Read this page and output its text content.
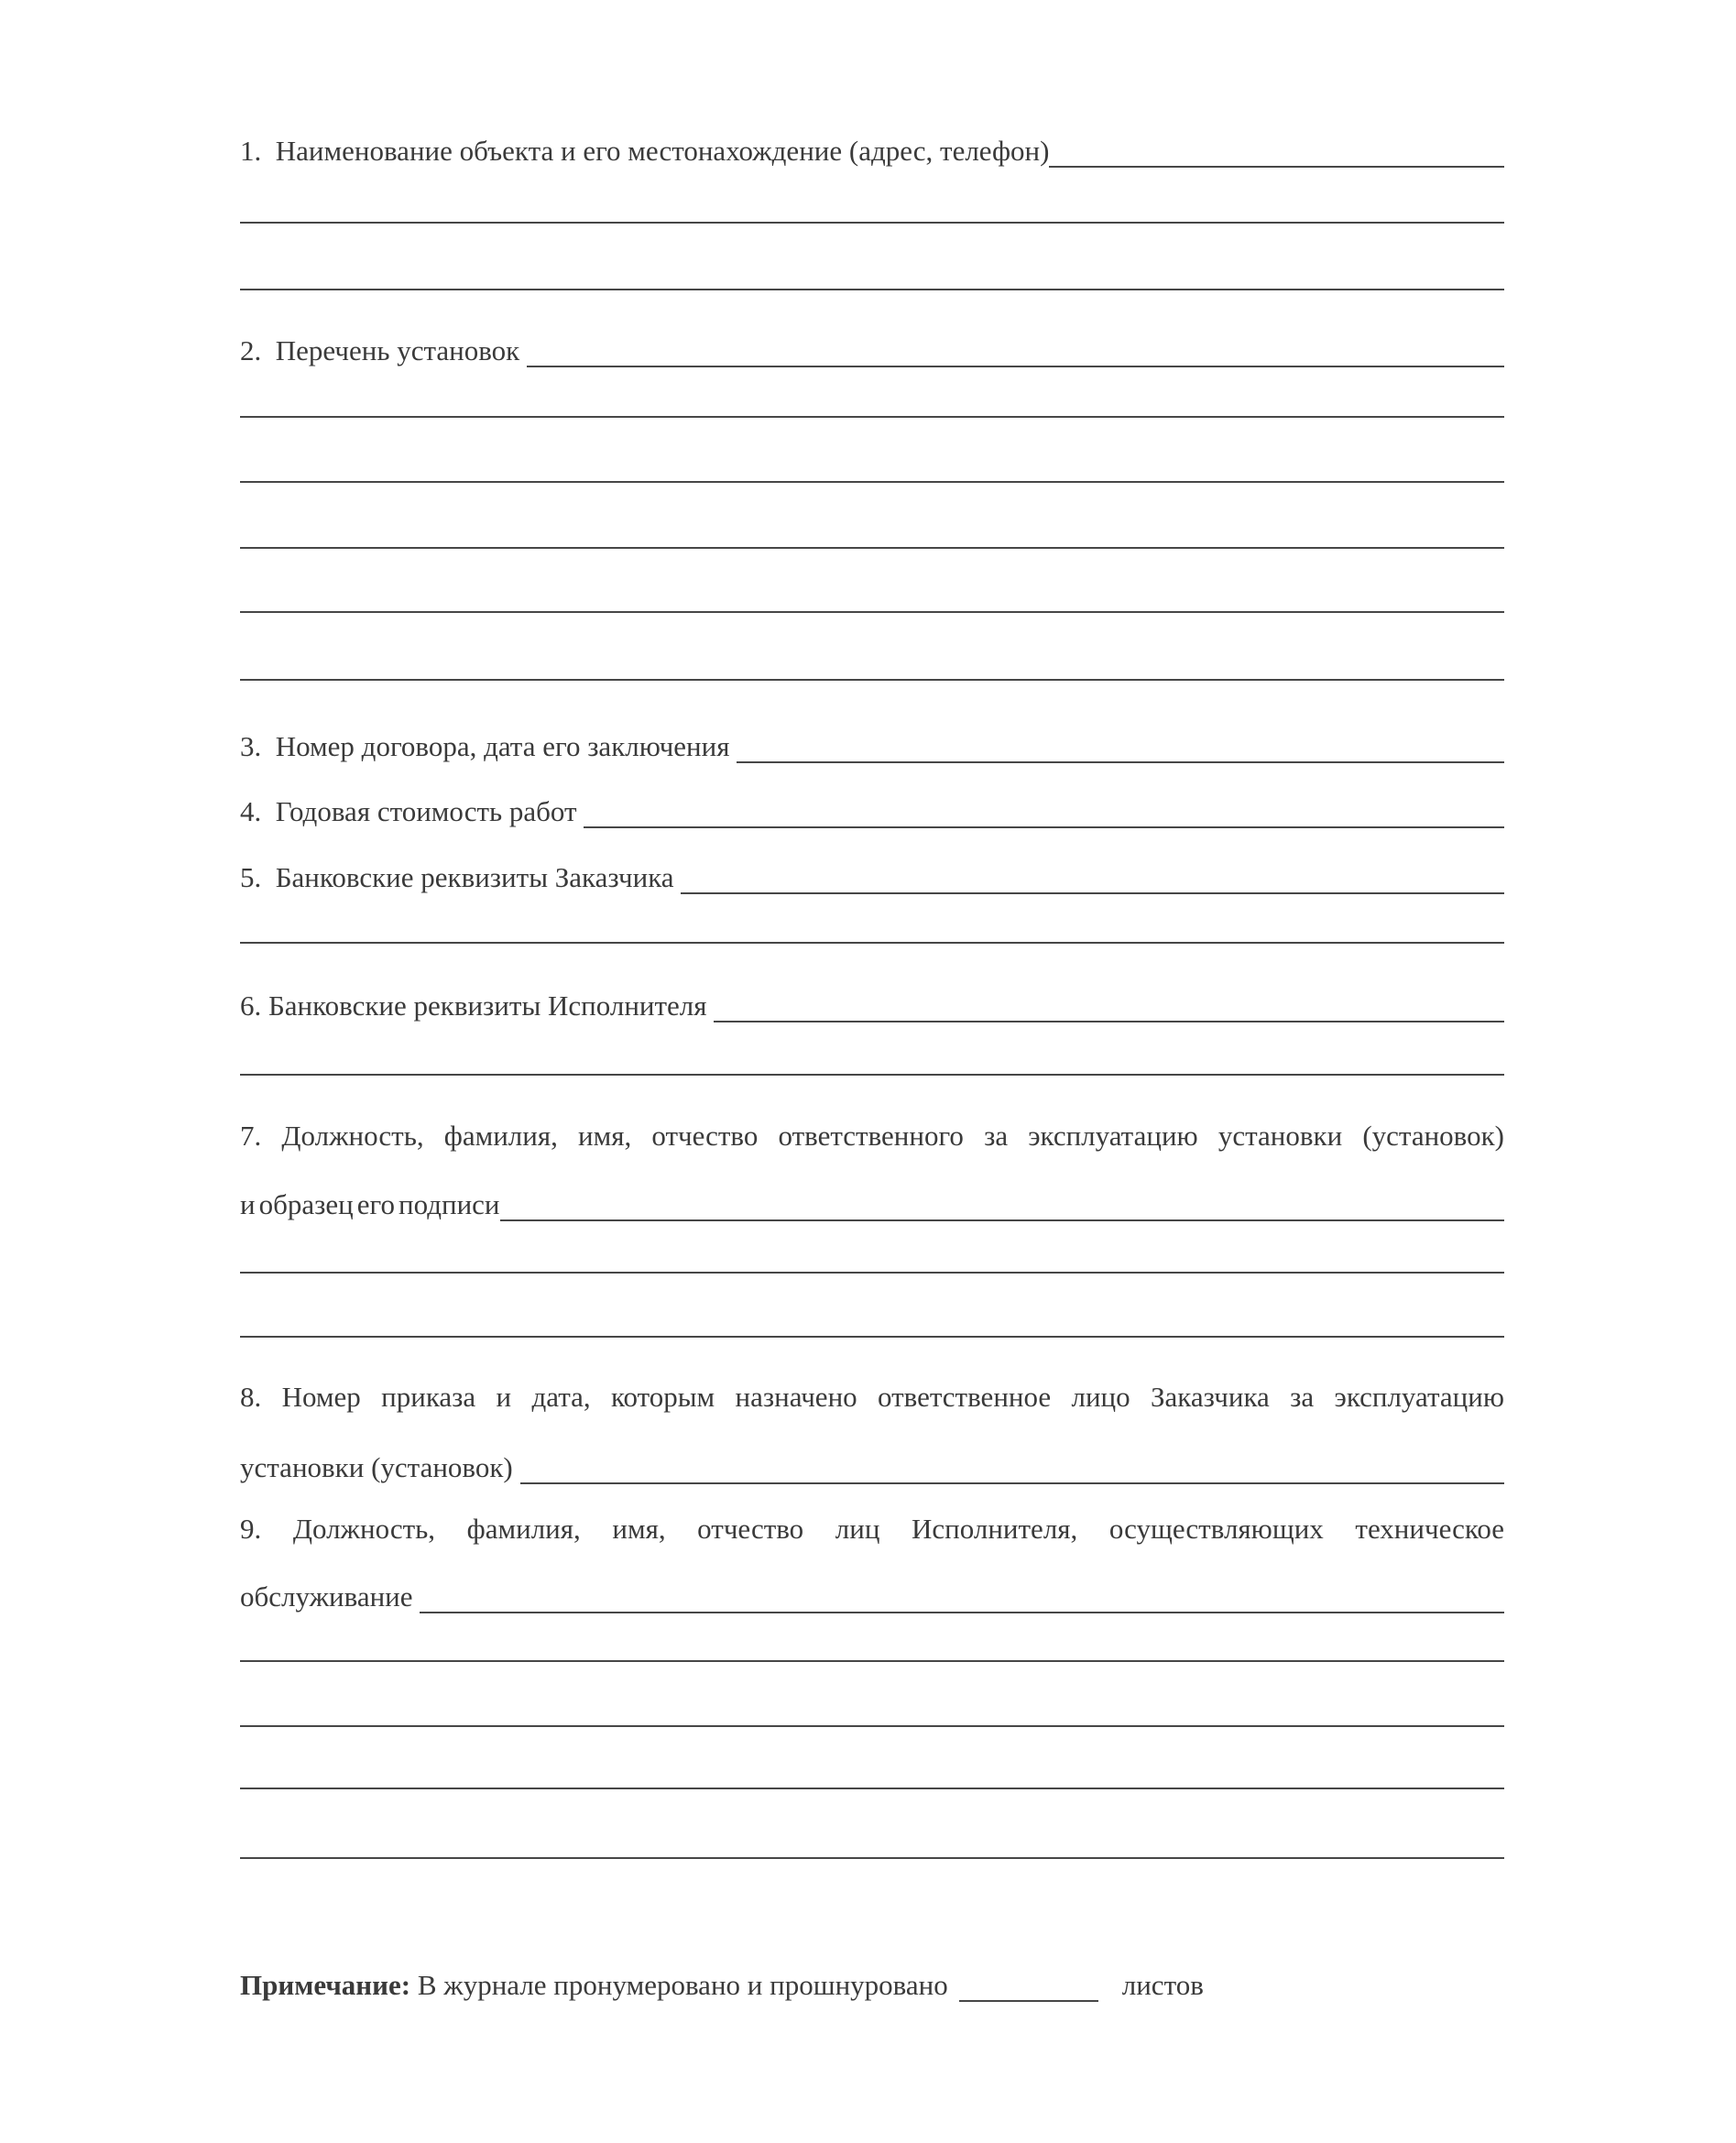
1.  Наименование объекта и его местонахождение (адрес, телефон)
2.  Перечень установок
3.  Номер договора, дата его заключения
4.  Годовая стоимость работ
5.  Банковские реквизиты Заказчика
6. Банковские реквизиты Исполнителя
7. Должность, фамилия, имя, отчество ответственного за эксплуатацию установки (установок)
и образец его подписи
8. Номер приказа и дата, которым назначено ответственное лицо Заказчика за эксплуатацию
установки (установок)
9. Должность, фамилия, имя, отчество лиц Исполнителя, осуществляющих техническое
обслуживание
Примечание: В журнале пронумеровано и прошнуровано	листов
